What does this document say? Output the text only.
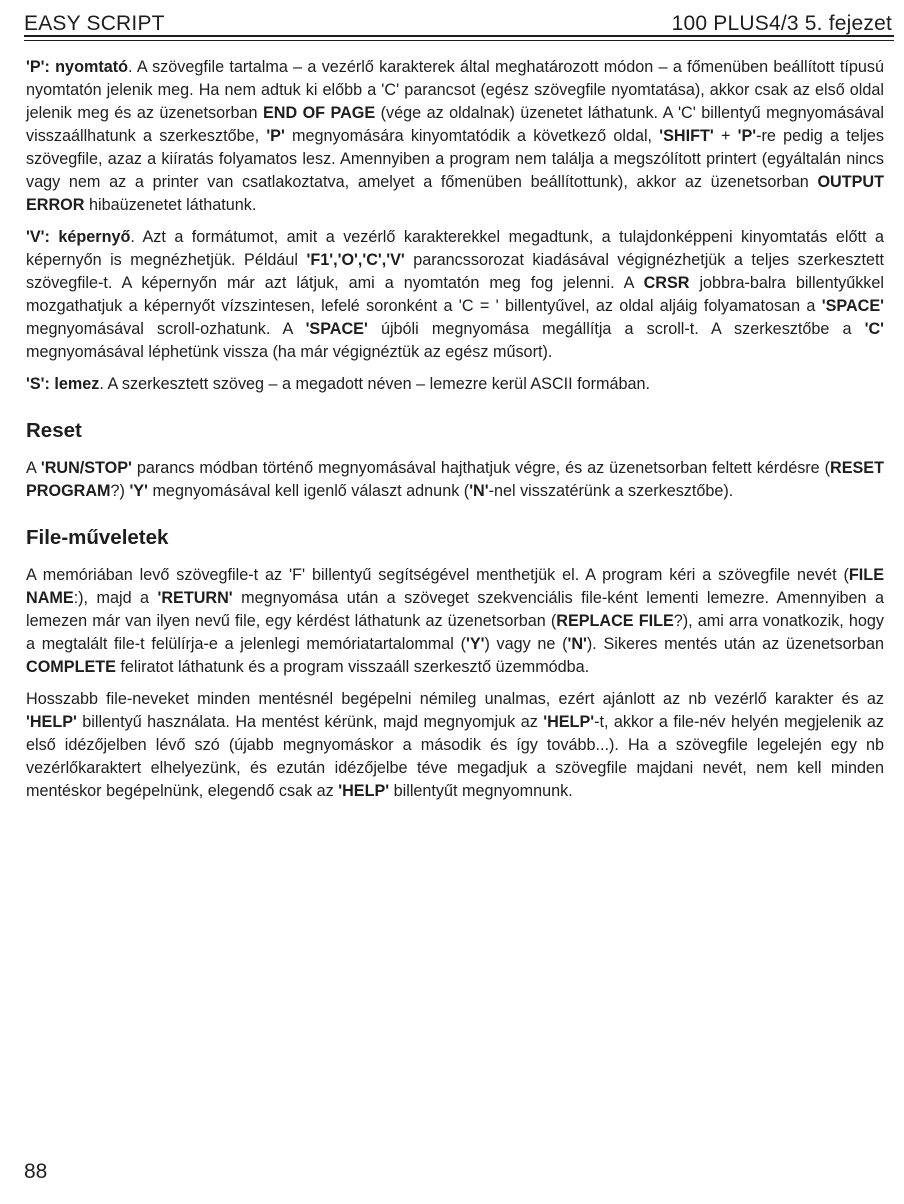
EASY SCRIPT	100 PLUS4/3 5. fejezet

'P': nyomtató. A szövegfile tartalma – a vezérlő karakterek által meghatározott módon – a főmenüben beállított típusú nyomtatón jelenik meg. Ha nem adtuk ki előbb a 'C' parancsot (egész szövegfile nyomtatása), akkor csak az első oldal jelenik meg és az üzenetsorban END OF PAGE (vége az oldalnak) üzenetet láthatunk. A 'C' billentyű megnyomásával visszaállhatunk a szerkesztőbe, 'P' megnyomására kinyomtatódik a következő oldal, 'SHIFT' + 'P'-re pedig a teljes szövegfile, azaz a kiíratás folyamatos lesz. Amennyiben a program nem találja a megszólított printert (egyáltalán nincs vagy nem az a printer van csatlakoztatva, amelyet a főmenüben beállítottunk), akkor az üzenetsorban OUTPUT ERROR hibaüzenetet láthatunk.

'V': képernyő. Azt a formátumot, amit a vezérlő karakterekkel megadtunk, a tulajdonképpeni kinyomtatás előtt a képernyőn is megnézhetjük. Például 'F1','O','C','V' parancssorozat kiadásával végignézhetjük a teljes szerkesztett szövegfile-t. A képernyőn már azt látjuk, ami a nyomtatón meg fog jelenni. A CRSR jobbra-balra billentyűkkel mozgathatjuk a képernyőt vízszintesen, lefelé soronként a 'C = ' billentyűvel, az oldal aljáig folyamatosan a 'SPACE' megnyomásával scroll-ozhatunk. A 'SPACE' újbóli megnyomása megállítja a scroll-t. A szerkesztőbe a 'C' megnyomásával léphetünk vissza (ha már végignéztük az egész műsort).

'S': lemez. A szerkesztett szöveg – a megadott néven – lemezre kerül ASCII formában.

Reset

A 'RUN/STOP' parancs módban történő megnyomásával hajthatjuk végre, és az üzenetsorban feltett kérdésre (RESET PROGRAM?) 'Y' megnyomásával kell igenlő választ adnunk ('N'-nel visszatérünk a szerkesztőbe).

File-műveletek

A memóriában levő szövegfile-t az 'F' billentyű segítségével menthetjük el. A program kéri a szövegfile nevét (FILE NAME:), majd a 'RETURN' megnyomása után a szöveget szekvenciális file-ként lementi lemezre. Amennyiben a lemezen már van ilyen nevű file, egy kérdést láthatunk az üzenetsorban (REPLACE FILE?), ami arra vonatkozik, hogy a megtalált file-t felülírja-e a jelenlegi memóriatartalommal ('Y') vagy ne ('N'). Sikeres mentés után az üzenetsorban COMPLETE feliratot láthatunk és a program visszaáll szerkesztő üzemmódba.

Hosszabb file-neveket minden mentésnél begépelni némileg unalmas, ezért ajánlott az nb vezérlő karakter és az 'HELP' billentyű használata. Ha mentést kérünk, majd megnyomjuk az 'HELP'-t, akkor a file-név helyén megjelenik az első idézőjelben lévő szó (újabb megnyomáskor a második és így tovább...). Ha a szövegfile legelején egy nb vezérlőkaraktert elhelyezünk, és ezután idézőjelbe téve megadjuk a szövegfile majdani nevét, nem kell minden mentéskor begépelnünk, elegendő csak az 'HELP' billentyűt megnyomnunk.

88
